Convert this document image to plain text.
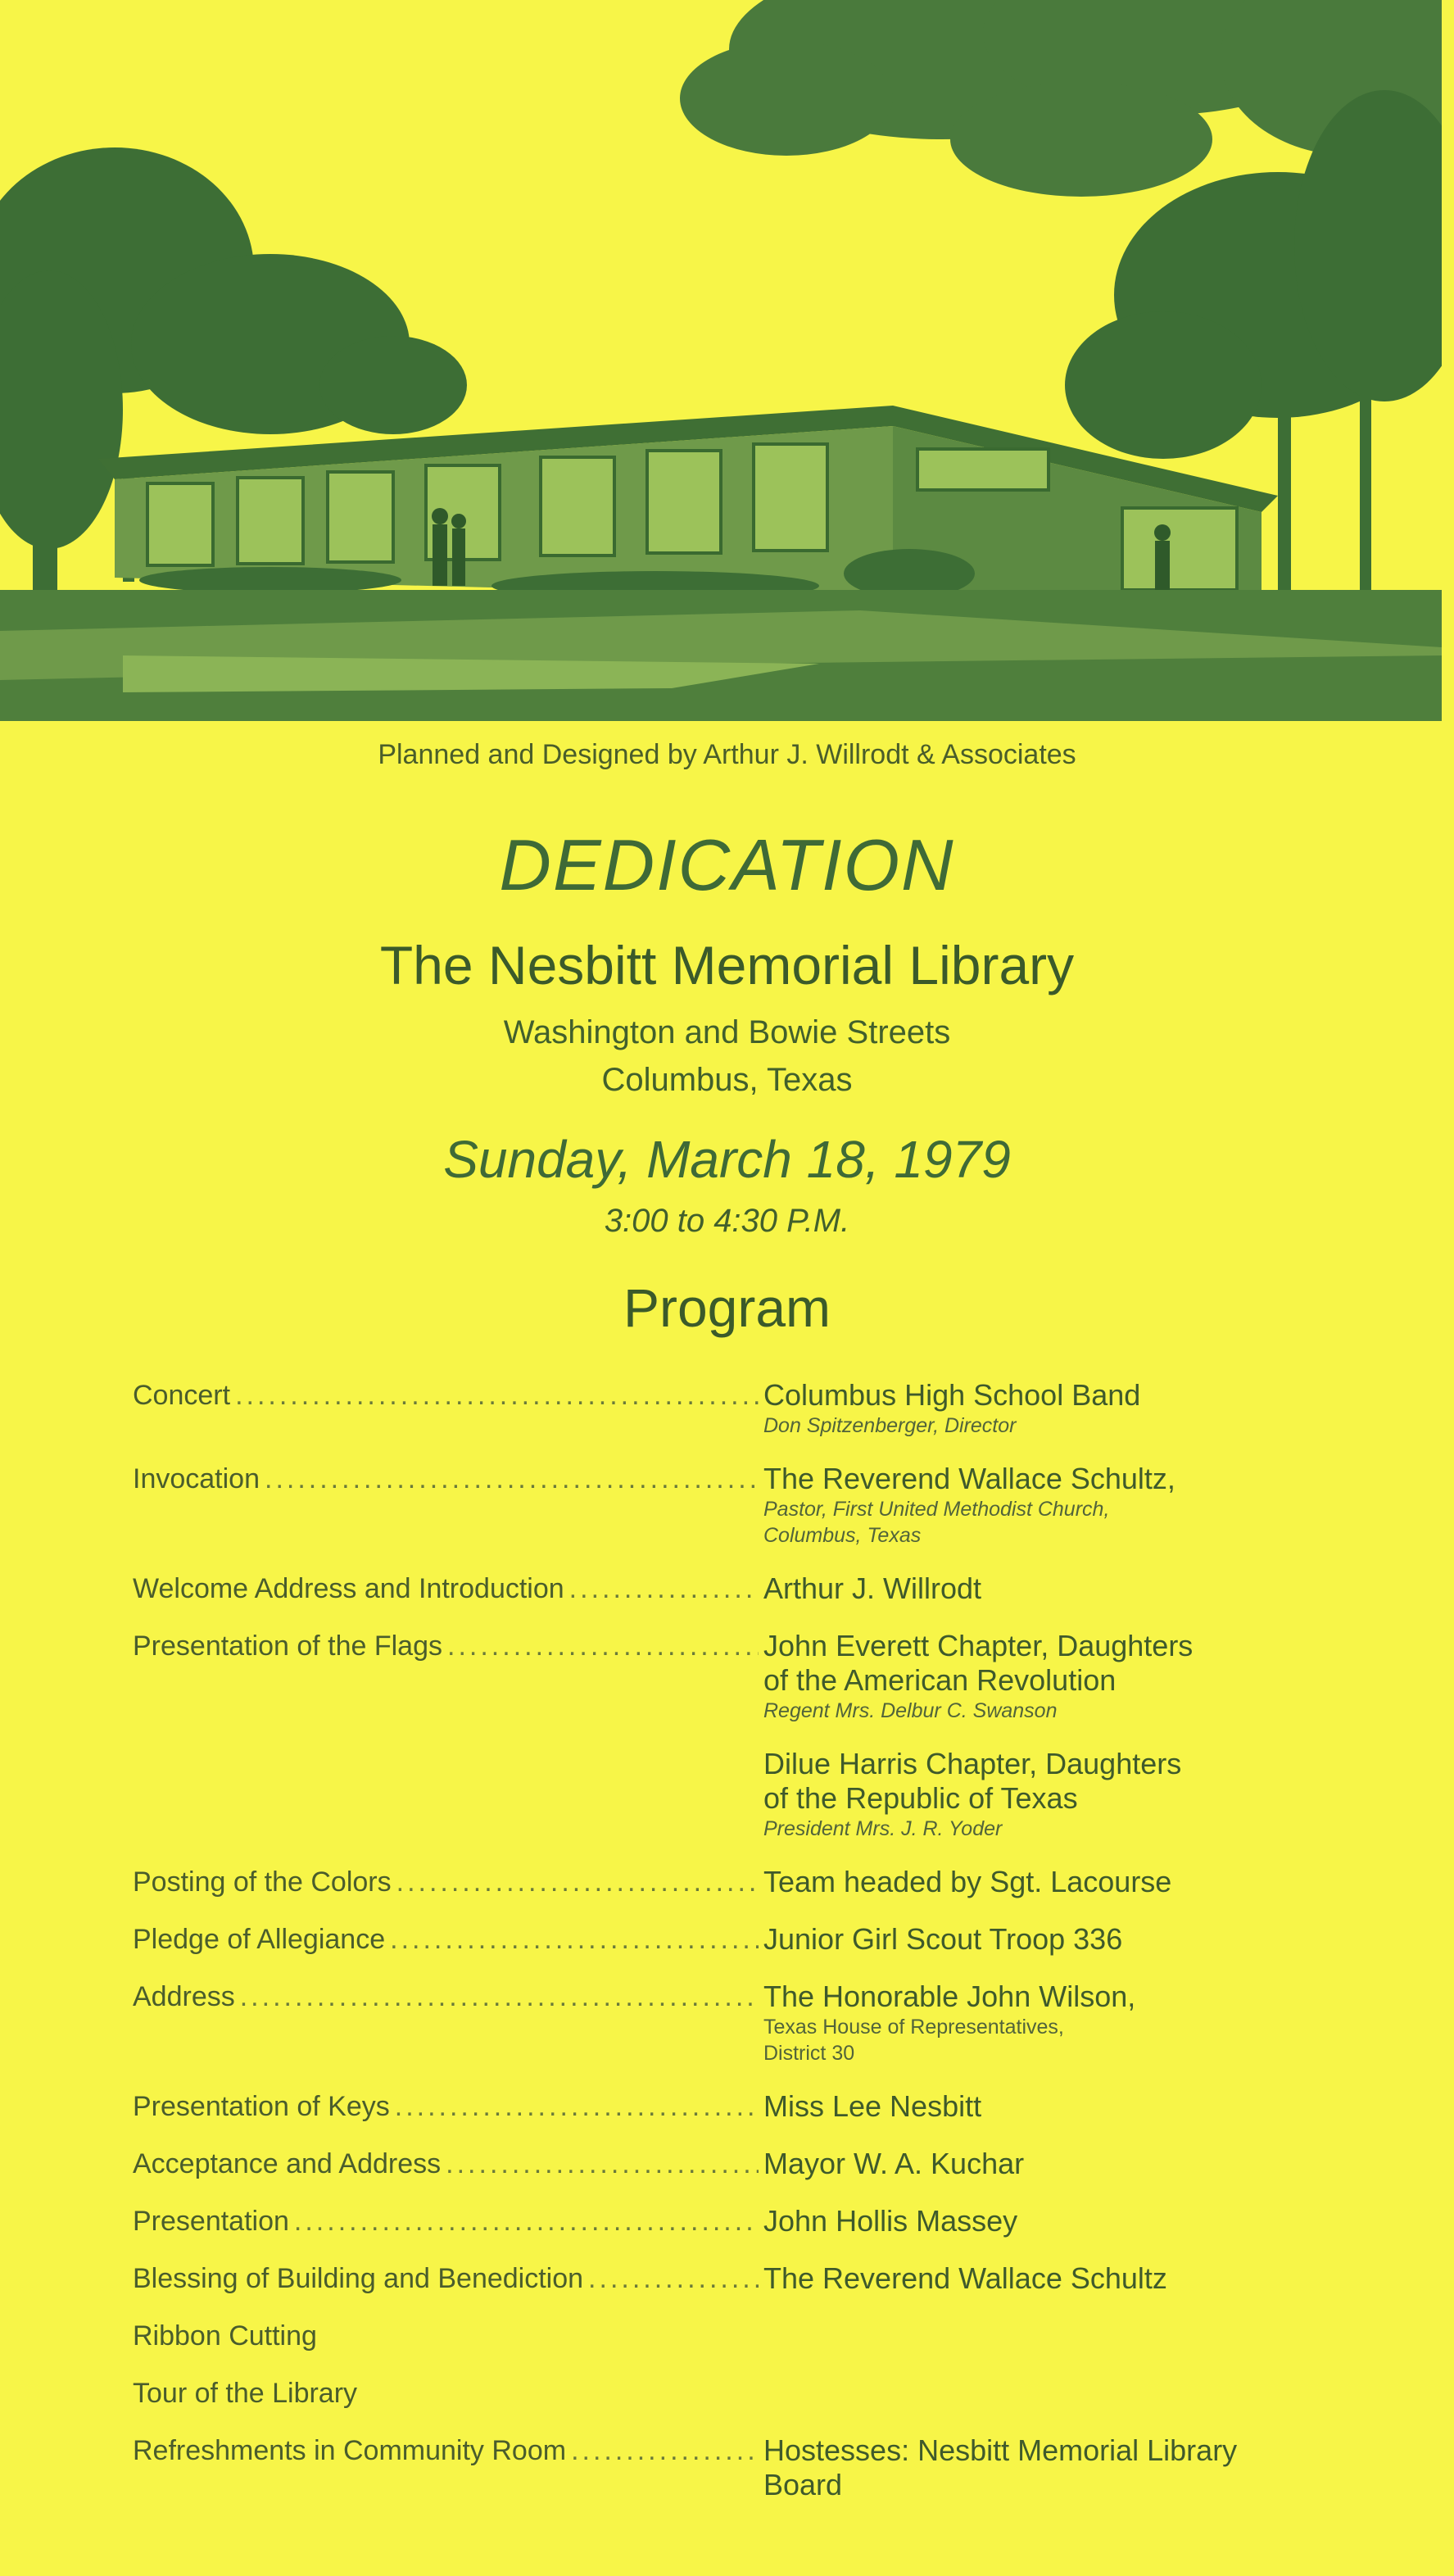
Planned and Designed by Arthur J. Willrodt & Associates
DEDICATION
The Nesbitt Memorial Library
Washington and Bowie Streets
Columbus, Texas
Sunday, March 18, 1979
3:00 to 4:30 P.M.
Program
Concert .....	Columbus High School Band
Don Spitzenberger, Director
Invocation .....	The Reverend Wallace Schultz,
Pastor, First United Methodist Church,
Columbus, Texas
Welcome Address and Introduction .....	Arthur J. Willrodt
Presentation of the Flags .....	John Everett Chapter, Daughters
of the American Revolution
Regent Mrs. Delbur C. Swanson
Dilue Harris Chapter, Daughters
of the Republic of Texas
President Mrs. J. R. Yoder
Posting of the Colors .....	Team headed by Sgt. Lacourse
Pledge of Allegiance .....	Junior Girl Scout Troop 336
Address .....	The Honorable John Wilson,
Texas House of Representatives,
District 30
Presentation of Keys .....	Miss Lee Nesbitt
Acceptance and Address .....	Mayor W. A. Kuchar
Presentation .....	John Hollis Massey
Blessing of Building and Benediction .....	The Reverend Wallace Schultz
Ribbon Cutting
Tour of the Library
Refreshments in Community Room .....	Hostesses: Nesbitt Memorial Library
Board
